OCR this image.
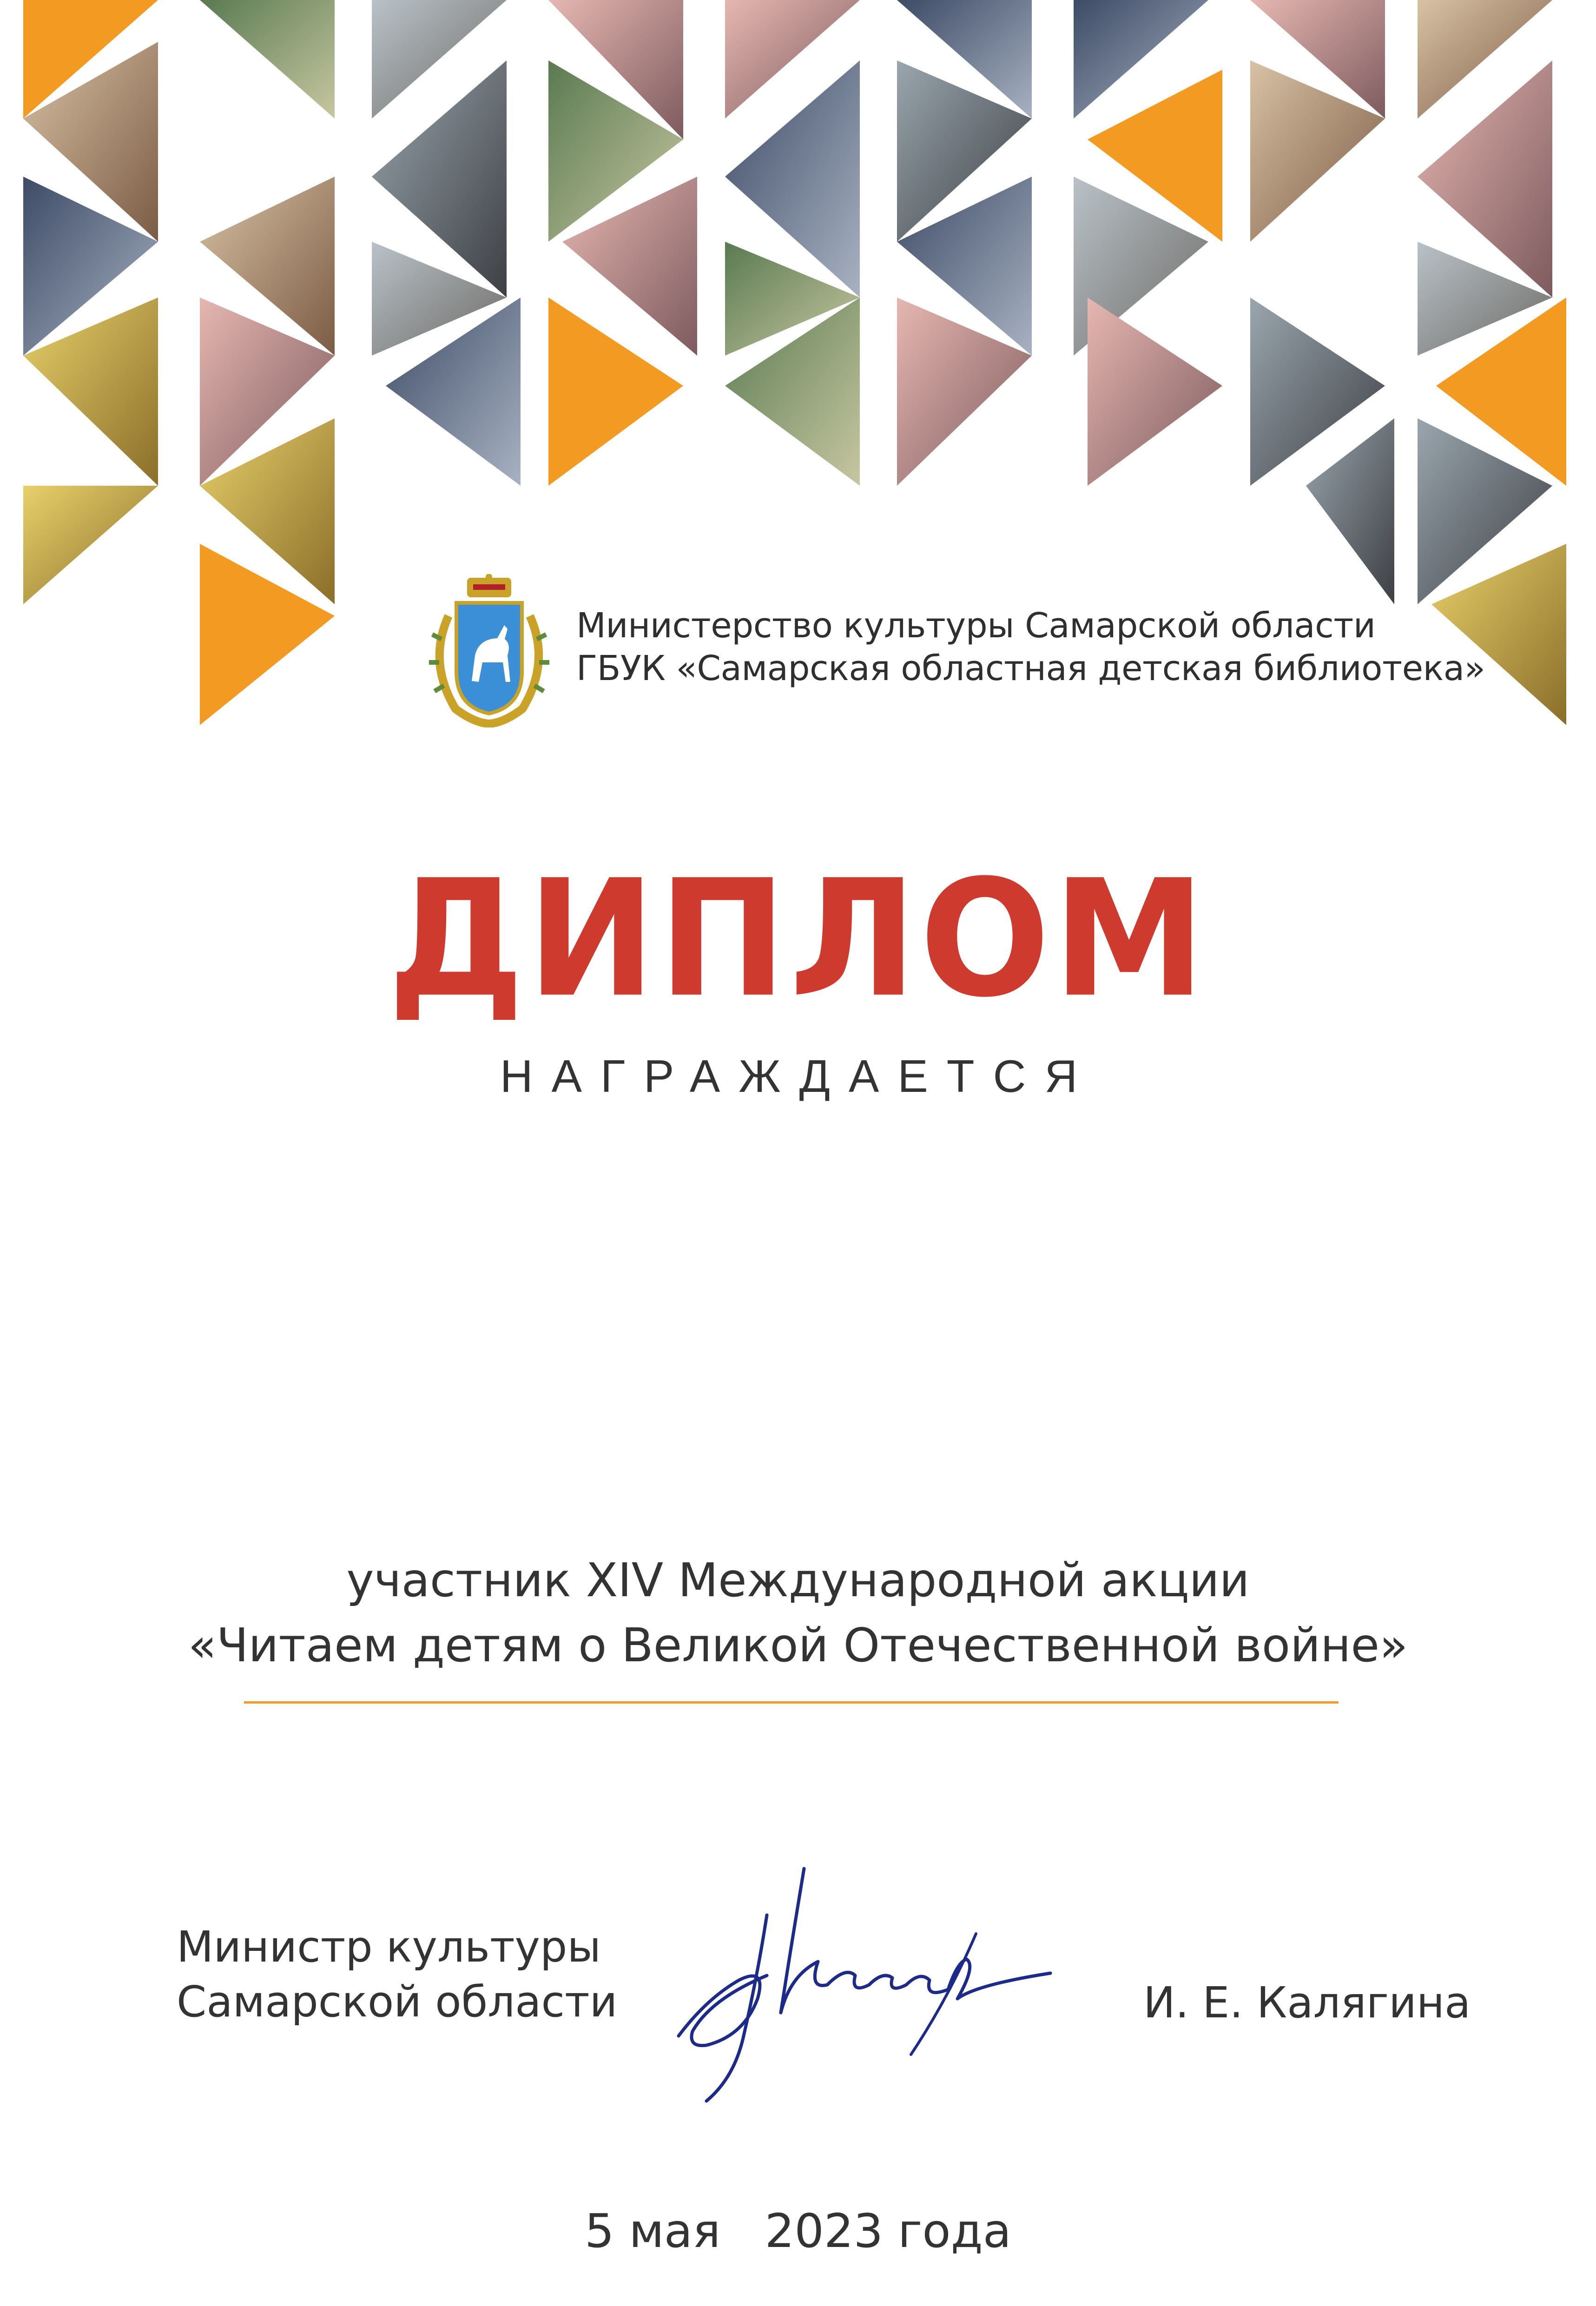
Министерство культуры Самарской области
ГБУК «Самарская областная детская библиотека»
ДИПЛОМ
НАГРАЖДАЕТСЯ
участник XIV Международной акции
«Читаем детям о Великой Отечественной войне»
Министр культуры
Самарской области	И. Е. Калягина
5 мая   2023 года
